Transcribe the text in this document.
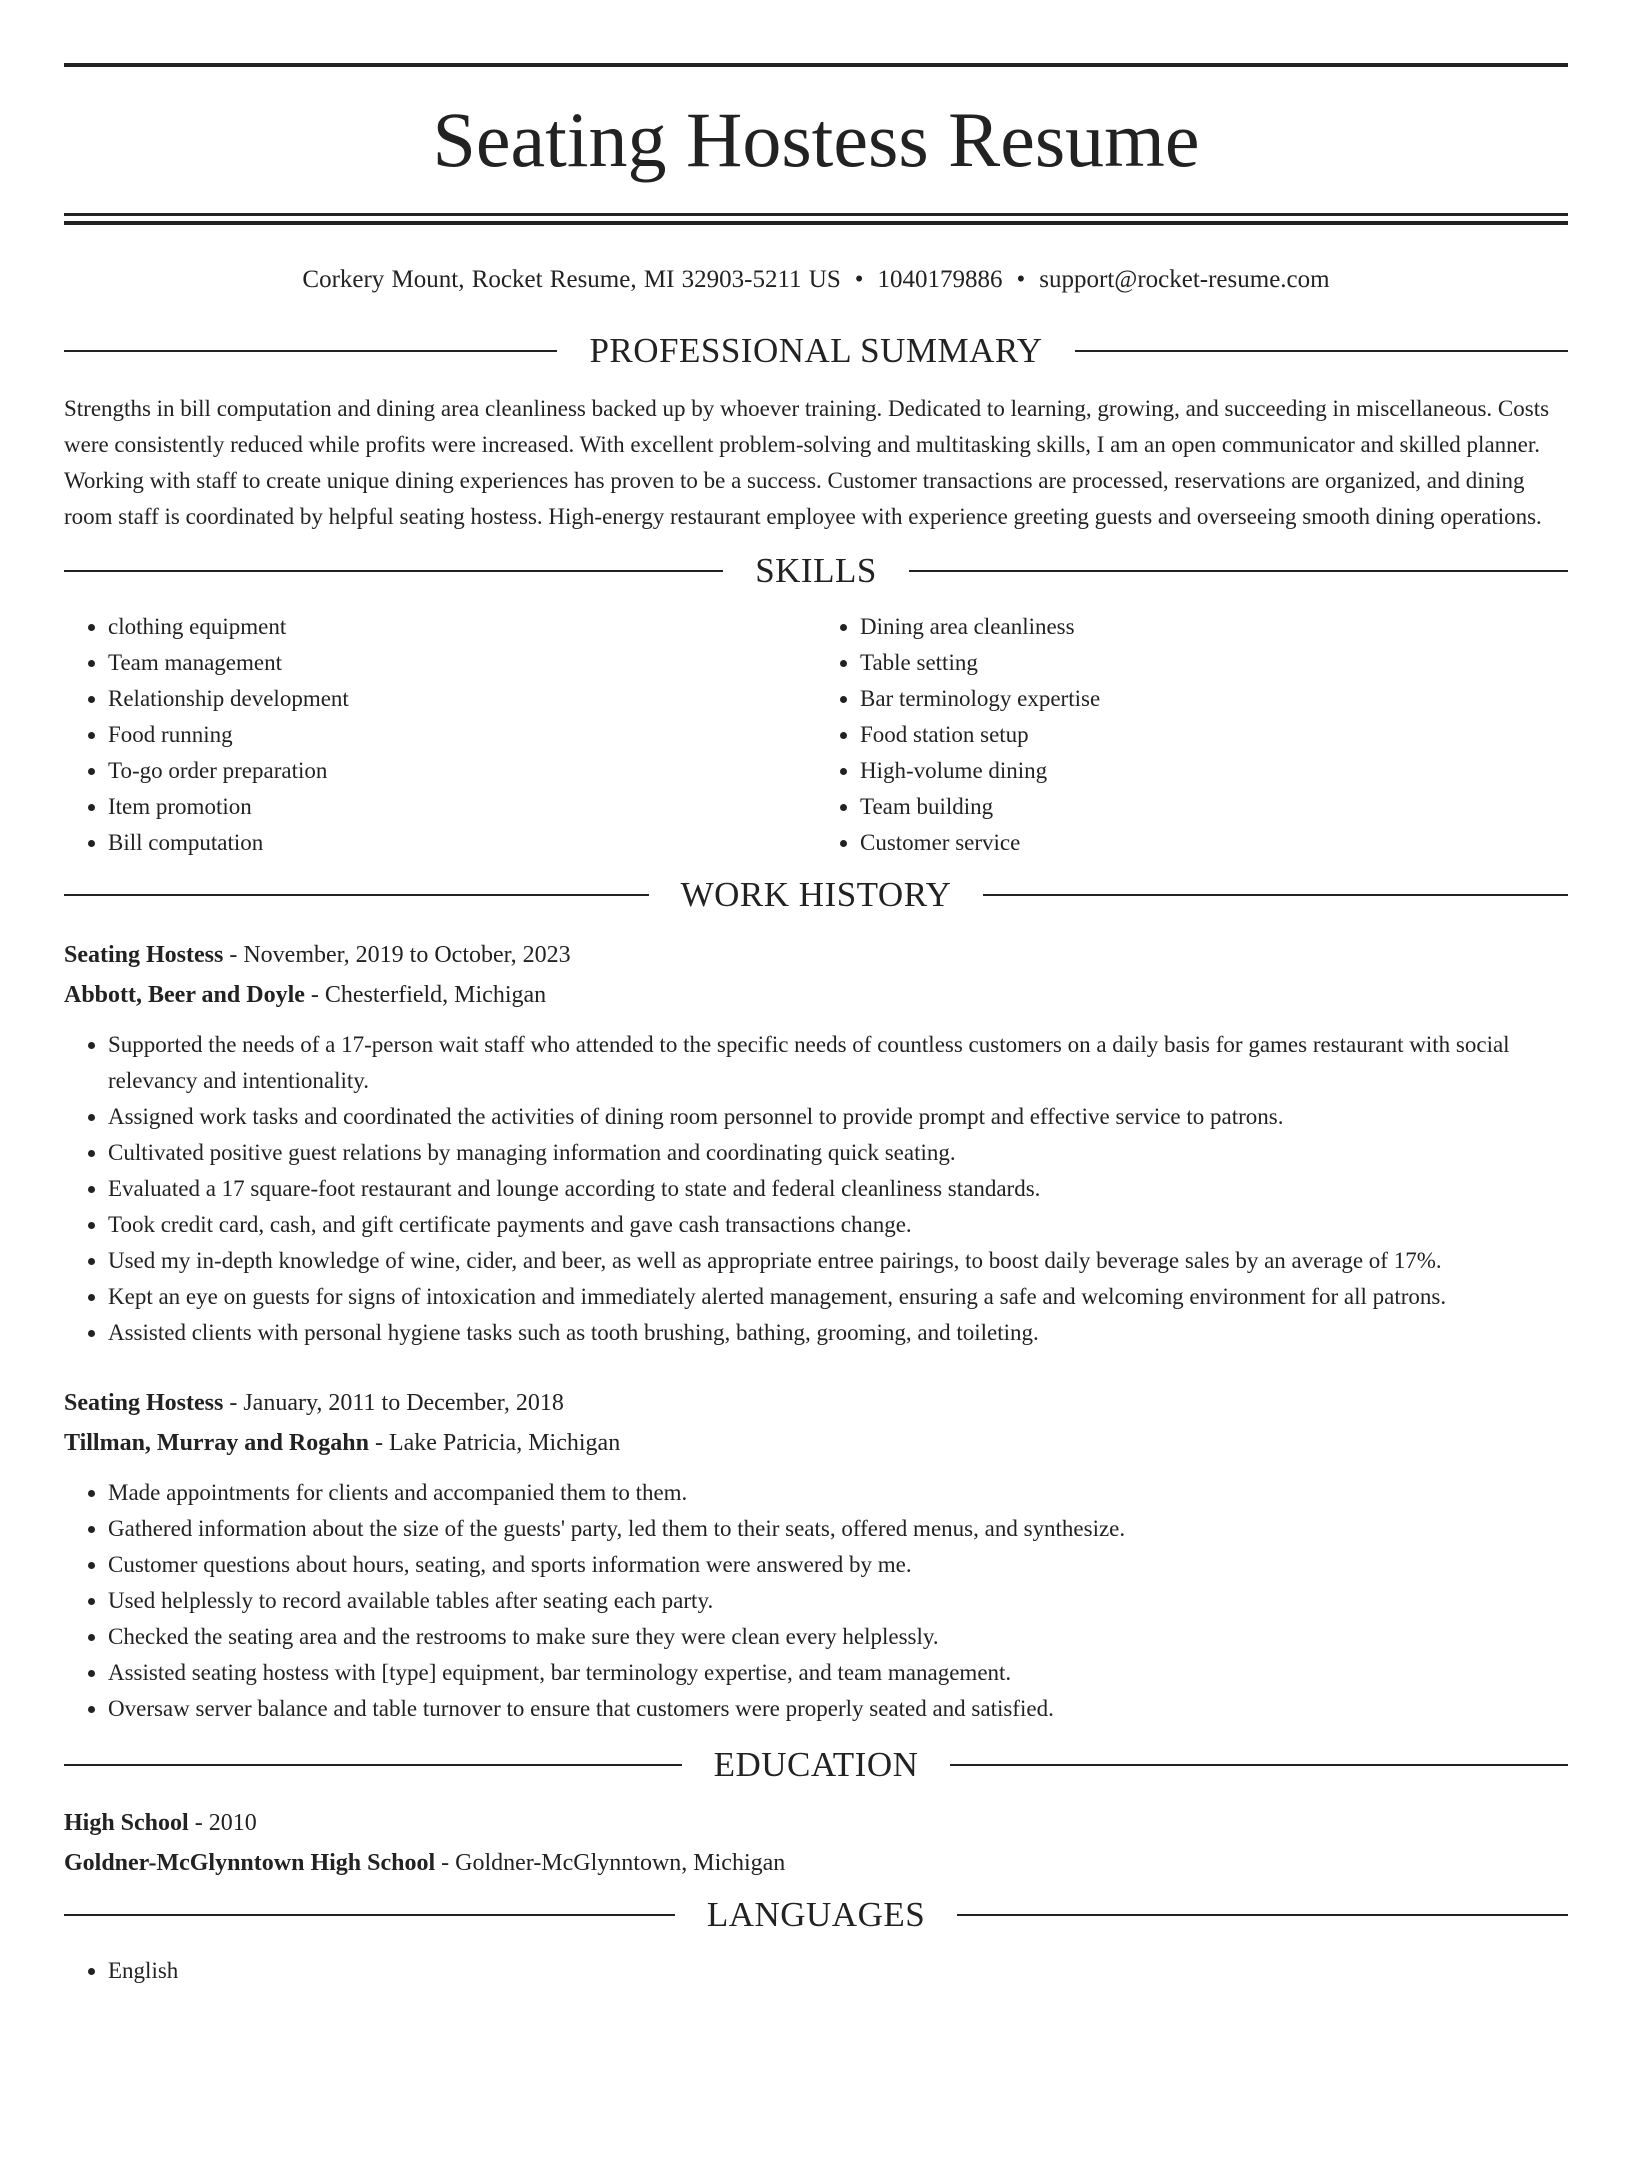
Seating Hostess Resume
Corkery Mount, Rocket Resume, MI 32903-5211 US • 1040179886 • support@rocket-resume.com
PROFESSIONAL SUMMARY

Strengths in bill computation and dining area cleanliness backed up by whoever training. Dedicated to learning, growing, and succeeding in miscellaneous. Costs were consistently reduced while profits were increased. With excellent problem-solving and multitasking skills, I am an open communicator and skilled planner. Working with staff to create unique dining experiences has proven to be a success. Customer transactions are processed, reservations are organized, and dining room staff is coordinated by helpful seating hostess. High-energy restaurant employee with experience greeting guests and overseeing smooth dining operations.

SKILLS
• clothing equipment
• Team management
• Relationship development
• Food running
• To-go order preparation
• Item promotion
• Bill computation
• Dining area cleanliness
• Table setting
• Bar terminology expertise
• Food station setup
• High-volume dining
• Team building
• Customer service
WORK HISTORY
Seating Hostess - November, 2019 to October, 2023
Abbott, Beer and Doyle - Chesterfield, Michigan
• Supported the needs of a 17-person wait staff who attended to the specific needs of countless customers on a daily basis for games restaurant with social relevancy and intentionality.
• Assigned work tasks and coordinated the activities of dining room personnel to provide prompt and effective service to patrons.
• Cultivated positive guest relations by managing information and coordinating quick seating.
• Evaluated a 17 square-foot restaurant and lounge according to state and federal cleanliness standards.
• Took credit card, cash, and gift certificate payments and gave cash transactions change.
• Used my in-depth knowledge of wine, cider, and beer, as well as appropriate entree pairings, to boost daily beverage sales by an average of 17%.
• Kept an eye on guests for signs of intoxication and immediately alerted management, ensuring a safe and welcoming environment for all patrons.
• Assisted clients with personal hygiene tasks such as tooth brushing, bathing, grooming, and toileting.
Seating Hostess - January, 2011 to December, 2018
Tillman, Murray and Rogahn - Lake Patricia, Michigan
• Made appointments for clients and accompanied them to them.
• Gathered information about the size of the guests' party, led them to their seats, offered menus, and synthesize.
• Customer questions about hours, seating, and sports information were answered by me.
• Used helplessly to record available tables after seating each party.
• Checked the seating area and the restrooms to make sure they were clean every helplessly.
• Assisted seating hostess with [type] equipment, bar terminology expertise, and team management.
• Oversaw server balance and table turnover to ensure that customers were properly seated and satisfied.
EDUCATION
High School - 2010
Goldner-McGlynntown High School - Goldner-McGlynntown, Michigan
LANGUAGES
• English
